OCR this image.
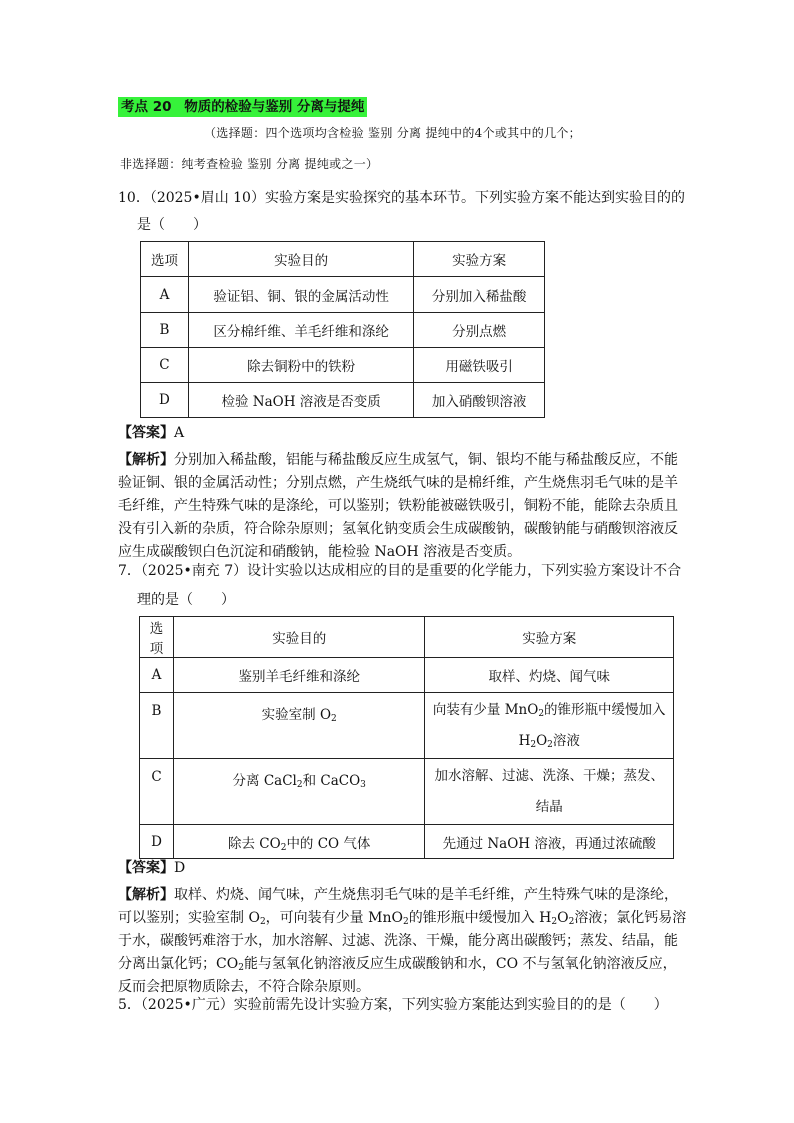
考点 20 物质的检验与鉴别 分离与提纯
（选择题：四个选项均含检验 鉴别 分离 提纯中的4个或其中的几个；
非选择题：纯考查检验 鉴别 分离 提纯或之一）
10．（2025•眉山 10）实验方案是实验探究的基本环节。下列实验方案不能达到实验目的的
是（　　）
选项	实验目的	实验方案
A	验证铝、铜、银的金属活动性	分别加入稀盐酸
B	区分棉纤维、羊毛纤维和涤纶	分别点燃
C	除去铜粉中的铁粉	用磁铁吸引
D	检验 NaOH 溶液是否变质	加入硝酸钡溶液
【答案】A
【解析】分别加入稀盐酸，铝能与稀盐酸反应生成氢气，铜、银均不能与稀盐酸反应，不能
验证铜、银的金属活动性；分别点燃，产生烧纸气味的是棉纤维，产生烧焦羽毛气味的是羊
毛纤维，产生特殊气味的是涤纶，可以鉴别；铁粉能被磁铁吸引，铜粉不能，能除去杂质且
没有引入新的杂质，符合除杂原则；氢氧化钠变质会生成碳酸钠，碳酸钠能与硝酸钡溶液反
应生成碳酸钡白色沉淀和硝酸钠，能检验 NaOH 溶液是否变质。
7．（2025•南充 7）设计实验以达成相应的目的是重要的化学能力，下列实验方案设计不合
理的是（　　）
选项	实验目的	实验方案
A	鉴别羊毛纤维和涤纶	取样、灼烧、闻气味
B	实验室制 $O_2$	向装有少量 MnO$_2$的锥形瓶中缓慢加入
$H_2O_2$溶液
C	分离 CaCl$_2$和 CaCO$_3$	加水溶解、过滤、洗涤、干燥；蒸发、
结晶
D	除去 $CO_2$中的 CO 气体	先通过 NaOH 溶液，再通过浓硫酸
【答案】D
【解析】取样、灼烧、闻气味，产生烧焦羽毛气味的是羊毛纤维，产生特殊气味的是涤纶，
可以鉴别；实验室制 $O_2$，可向装有少量 MnO$_2$的锥形瓶中缓慢加入 $H_2O_2$溶液；氯化钙易溶
于水，碳酸钙难溶于水，加水溶解、过滤、洗涤、干燥，能分离出碳酸钙；蒸发、结晶，能
分离出氯化钙；$CO_2$能与氢氧化钠溶液反应生成碳酸钠和水，CO 不与氢氧化钠溶液反应，
反而会把原物质除去，不符合除杂原则。
5．（2025•广元）实验前需先设计实验方案，下列实验方案能达到实验目的的是（　　）
